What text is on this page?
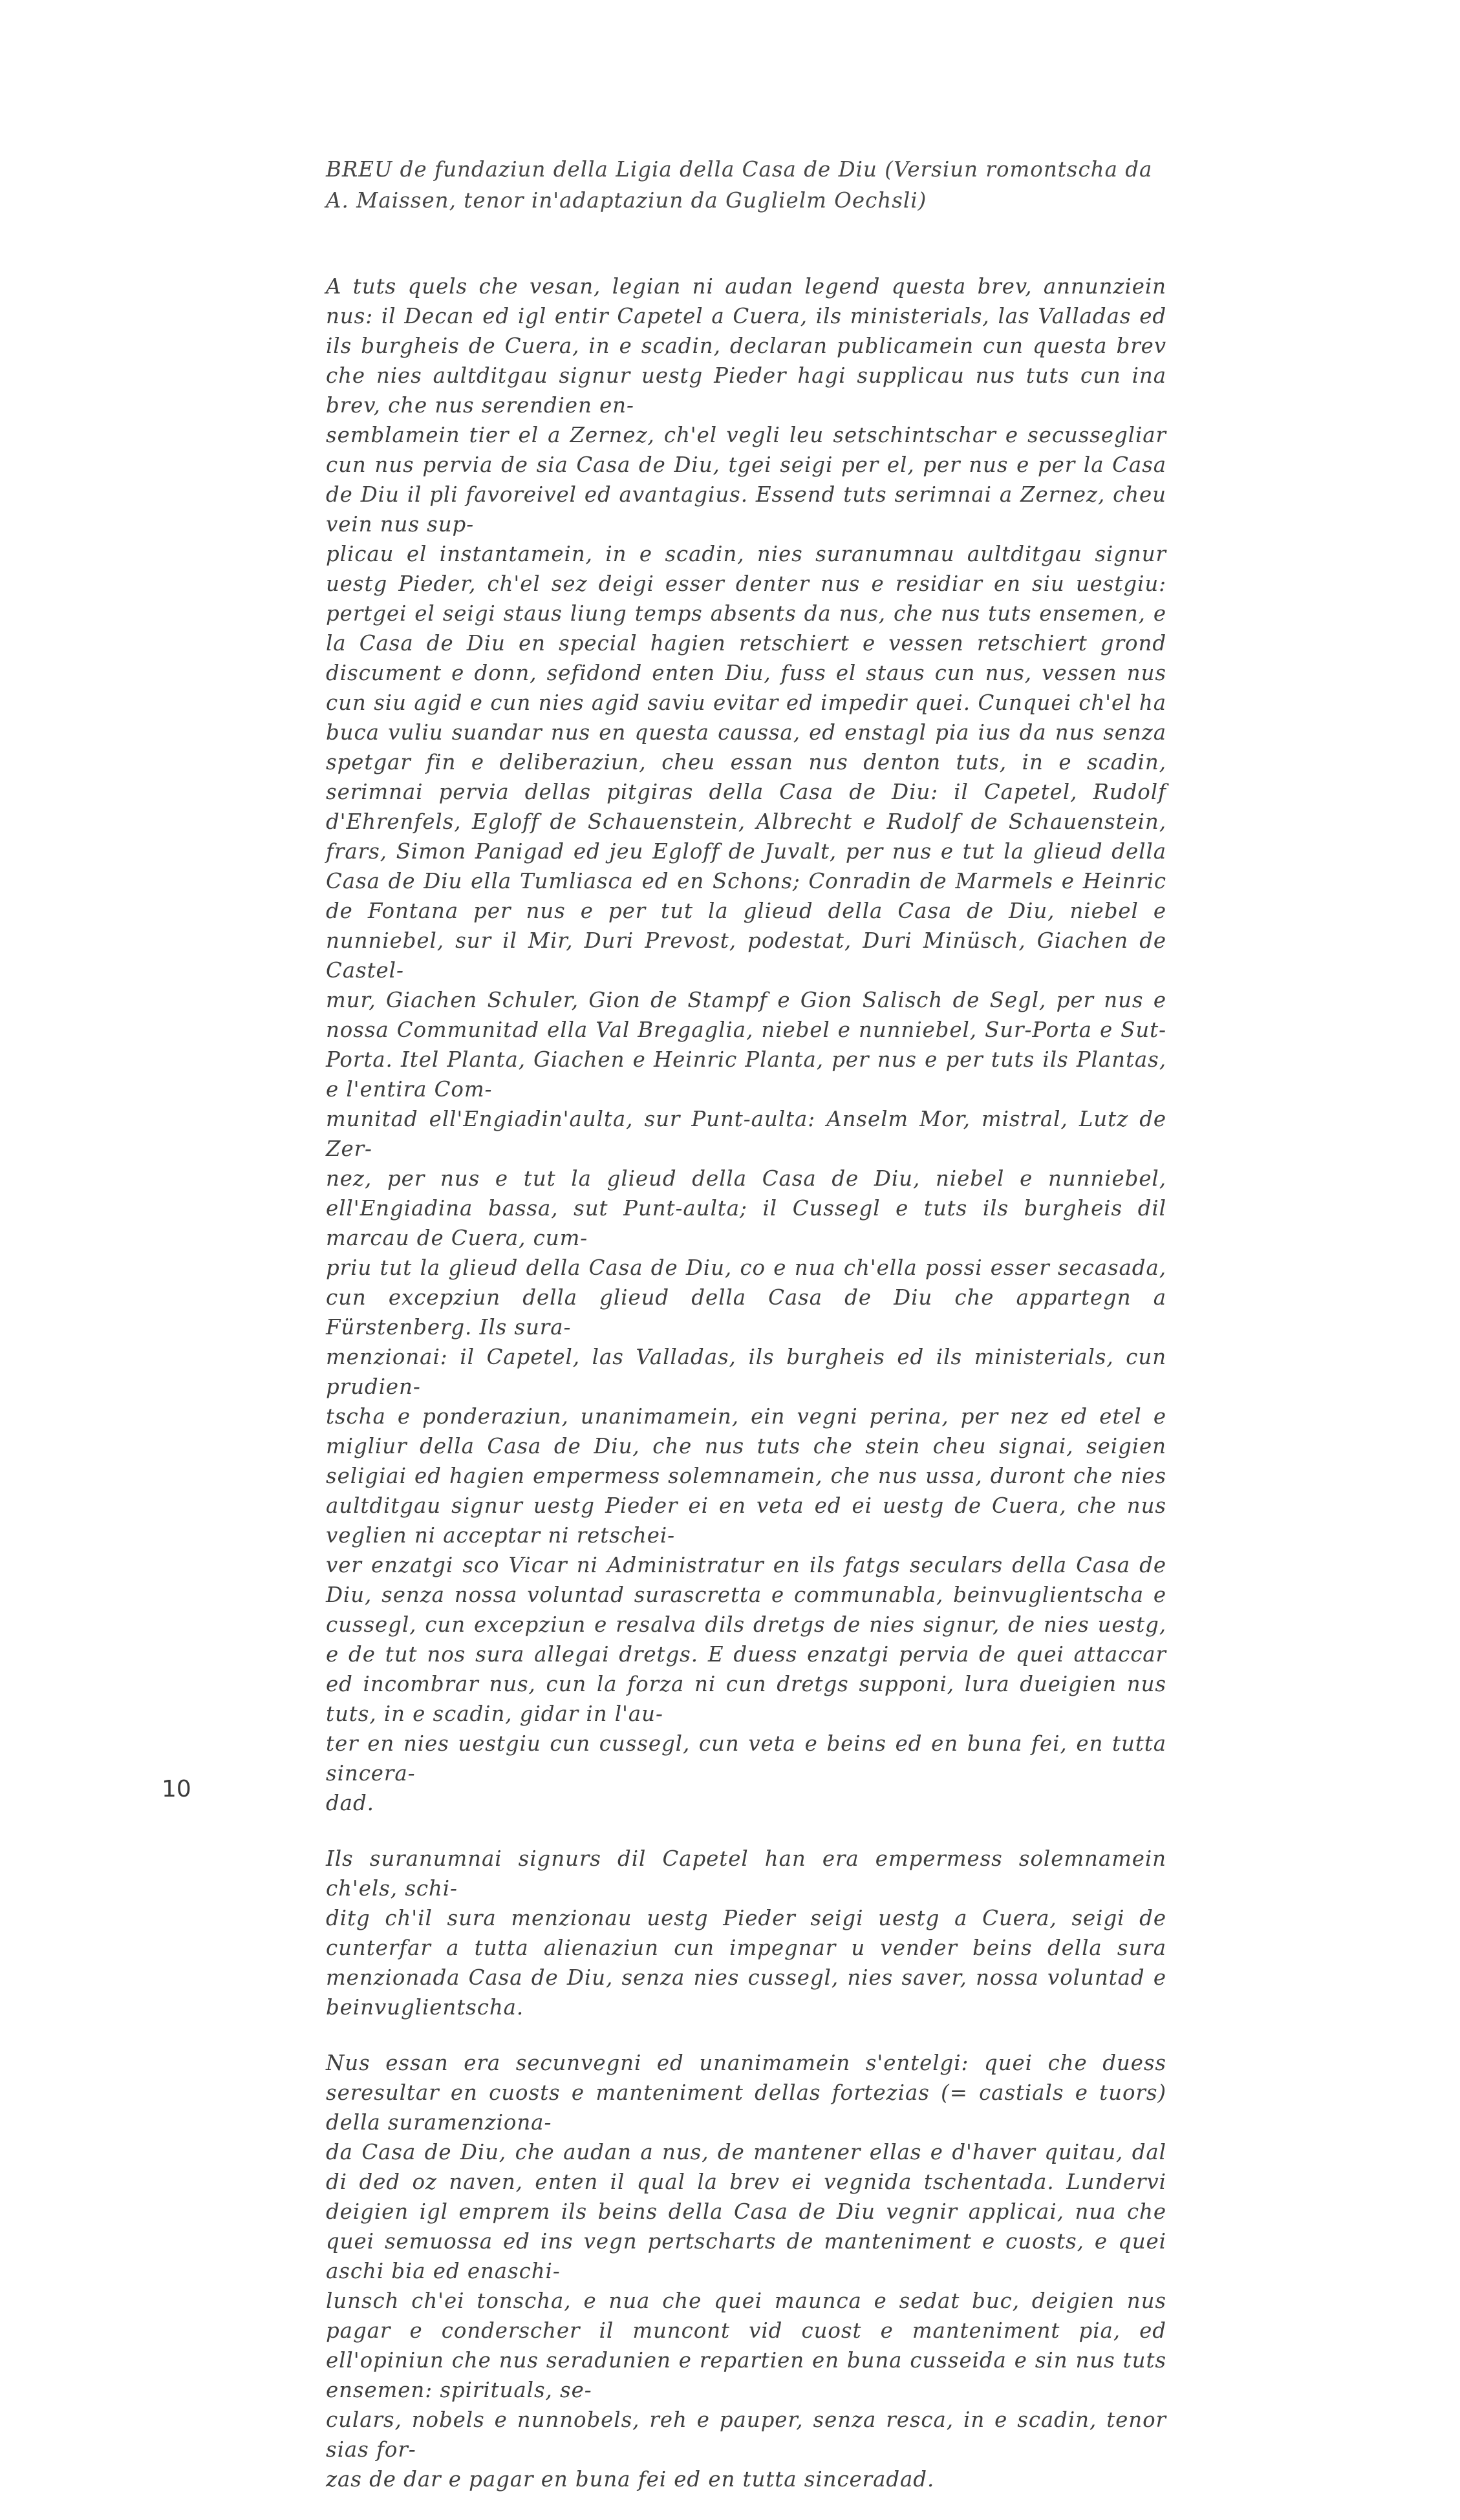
BREU de fundaziun della Ligia della Casa de Diu (Versiun romontscha da A. Maissen, tenor in'adaptaziun da Guglielm Oechsli)

A tuts quels che vesan, legian ni audan legend questa brev, annunziein nus: il Decan ed igl entir Capetel a Cuera, ils ministerials, las Valladas ed ils burgheis de Cuera, in e scadin, declaran publicamein cun questa brev che nies aultditgau signur uestg Pieder hagi supplicau nus tuts cun ina brev, che nus serendien en-
semblamein tier el a Zernez, ch'el vegli leu setschintschar e secussegliar cun nus pervia de sia Casa de Diu, tgei seigi per el, per nus e per la Casa de Diu il pli favoreivel ed avantagius. Essend tuts serimnai a Zernez, cheu vein nus sup-
plicau el instantamein, in e scadin, nies suranumnau aultditgau signur uestg Pieder, ch'el sez deigi esser denter nus e residiar en siu uestgiu: pertgei el seigi staus liung temps absents da nus, che nus tuts ensemen, e la Casa de Diu en special hagien retschiert e vessen retschiert grond discument e donn, sefidond enten Diu, fuss el staus cun nus, vessen nus cun siu agid e cun nies agid saviu evitar ed impedir quei. Cunquei ch'el ha buca vuliu suandar nus en questa caussa, ed enstagl pia ius da nus senza spetgar fin e deliberaziun, cheu essan nus denton tuts, in e scadin, serimnai pervia dellas pitgiras della Casa de Diu: il Capetel, Rudolf d'Ehrenfels, Egloff de Schauenstein, Albrecht e Rudolf de Schauenstein, frars, Simon Panigad ed jeu Egloff de Juvalt, per nus e tut la glieud della Casa de Diu ella Tumliasca ed en Schons; Conradin de Marmels e Heinric de Fontana per nus e per tut la glieud della Casa de Diu, niebel e nunniebel, sur il Mir, Duri Prevost, podestat, Duri Minüsch, Giachen de Castel-
mur, Giachen Schuler, Gion de Stampf e Gion Salisch de Segl, per nus e nossa Communitad ella Val Bregaglia, niebel e nunniebel, Sur-Porta e Sut-Porta. Itel Planta, Giachen e Heinric Planta, per nus e per tuts ils Plantas, e l'entira Com-
munitad ell'Engiadin'aulta, sur Punt-aulta: Anselm Mor, mistral, Lutz de Zer-
nez, per nus e tut la glieud della Casa de Diu, niebel e nunniebel, ell'Engiadina bassa, sut Punt-aulta; il Cussegl e tuts ils burgheis dil marcau de Cuera, cum-
priu tut la glieud della Casa de Diu, co e nua ch'ella possi esser secasada, cun excepziun della glieud della Casa de Diu che appartegn a Fürstenberg. Ils sura-
menzionai: il Capetel, las Valladas, ils burgheis ed ils ministerials, cun prudien-
tscha e ponderaziun, unanimamein, ein vegni perina, per nez ed etel e migliur della Casa de Diu, che nus tuts che stein cheu signai, seigien seligiai ed hagien empermess solemnamein, che nus ussa, duront che nies aultditgau signur uestg Pieder ei en veta ed ei uestg de Cuera, che nus veglien ni acceptar ni retschei-
ver enzatgi sco Vicar ni Administratur en ils fatgs seculars della Casa de Diu, senza nossa voluntad surascretta e communabla, beinvuglientscha e cussegl, cun excepziun e resalva dils dretgs de nies signur, de nies uestg, e de tut nos sura allegai dretgs. E duess enzatgi pervia de quei attaccar ed incombrar nus, cun la forza ni cun dretgs supponi, lura dueigien nus tuts, in e scadin, gidar in l'au-
ter en nies uestgiu cun cussegl, cun veta e beins ed en buna fei, en tutta sincera-
dad.

Ils suranumnai signurs dil Capetel han era empermess solemnamein ch'els, schi-
ditg ch'il sura menzionau uestg Pieder seigi uestg a Cuera, seigi de cunterfar a tutta alienaziun cun impegnar u vender beins della sura menzionada Casa de Diu, senza nies cussegl, nies saver, nossa voluntad e beinvuglientscha.

Nus essan era secunvegni ed unanimamein s'entelgi: quei che duess seresultar en cuosts e manteniment dellas fortezias (= castials e tuors) della suramenziona-
da Casa de Diu, che audan a nus, de mantener ellas e d'haver quitau, dal di ded oz naven, enten il qual la brev ei vegnida tschentada. Lundervi deigien igl emprem ils beins della Casa de Diu vegnir applicai, nua che quei semuossa ed ins vegn pertscharts de manteniment e cuosts, e quei aschi bia ed enaschi-
lunsch ch'ei tonscha, e nua che quei maunca e sedat buc, deigien nus pagar e conderscher il muncont vid cuost e manteniment pia, ed ell'opiniun che nus seradunien e repartien en buna cusseida e sin nus tuts ensemen: spirituals, se-
culars, nobels e nunnobels, reh e pauper, senza resca, in e scadin, tenor sias for-
zas de dar e pagar en buna fei ed en tutta sinceradad.

10
